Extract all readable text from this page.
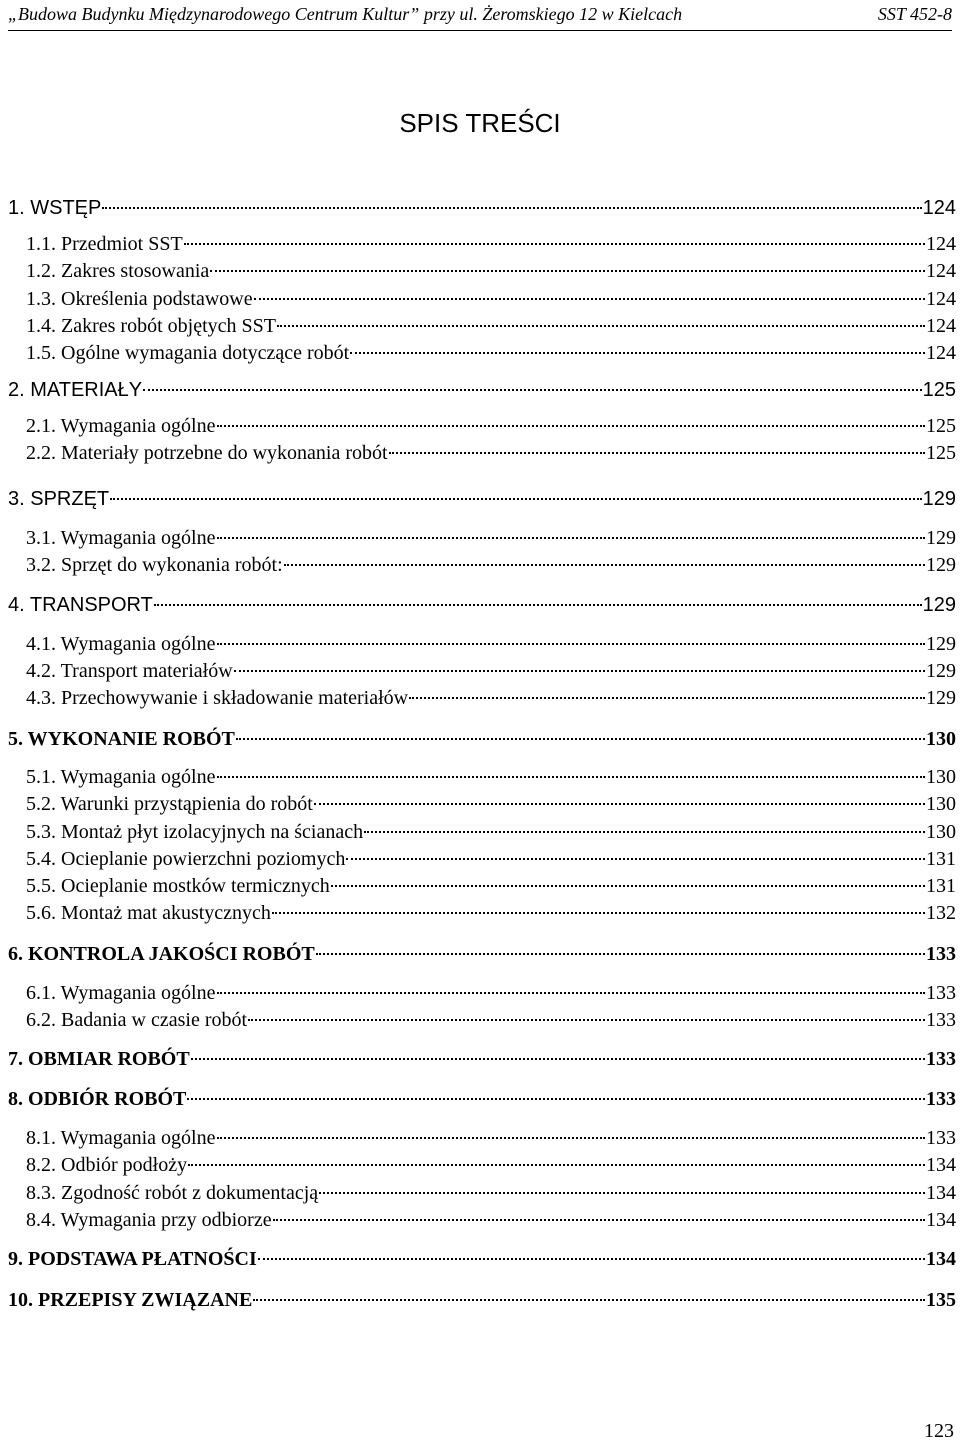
„Budowa Budynku Międzynarodowego Centrum Kultur” przy ul. Żeromskiego 12 w Kielcach	SST 452-8
SPIS TREŚCI
1. WSTĘP	124
1.1. Przedmiot SST	124
1.2. Zakres stosowania	124
1.3. Określenia podstawowe	124
1.4. Zakres robót objętych SST	124
1.5. Ogólne wymagania dotyczące robót	124
2. MATERIAŁY	125
2.1. Wymagania ogólne	125
2.2. Materiały potrzebne do wykonania robót	125
3. SPRZĘT	129
3.1. Wymagania ogólne	129
3.2. Sprzęt do wykonania robót:	129
4. TRANSPORT	129
4.1. Wymagania ogólne	129
4.2. Transport materiałów	129
4.3. Przechowywanie i składowanie materiałów	129
5. WYKONANIE ROBÓT	130
5.1. Wymagania ogólne	130
5.2. Warunki przystąpienia do robót	130
5.3. Montaż płyt izolacyjnych na ścianach	130
5.4. Ocieplanie powierzchni poziomych	131
5.5. Ocieplanie mostków termicznych	131
5.6. Montaż mat akustycznych	132
6. KONTROLA JAKOŚCI ROBÓT	133
6.1. Wymagania ogólne	133
6.2. Badania w czasie robót	133
7. OBMIAR ROBÓT	133
8. ODBIÓR ROBÓT	133
8.1. Wymagania ogólne	133
8.2. Odbiór podłoży	134
8.3. Zgodność robót z dokumentacją	134
8.4. Wymagania przy odbiorze	134
9. PODSTAWA PŁATNOŚCI	134
10. PRZEPISY ZWIĄZANE	135
123
